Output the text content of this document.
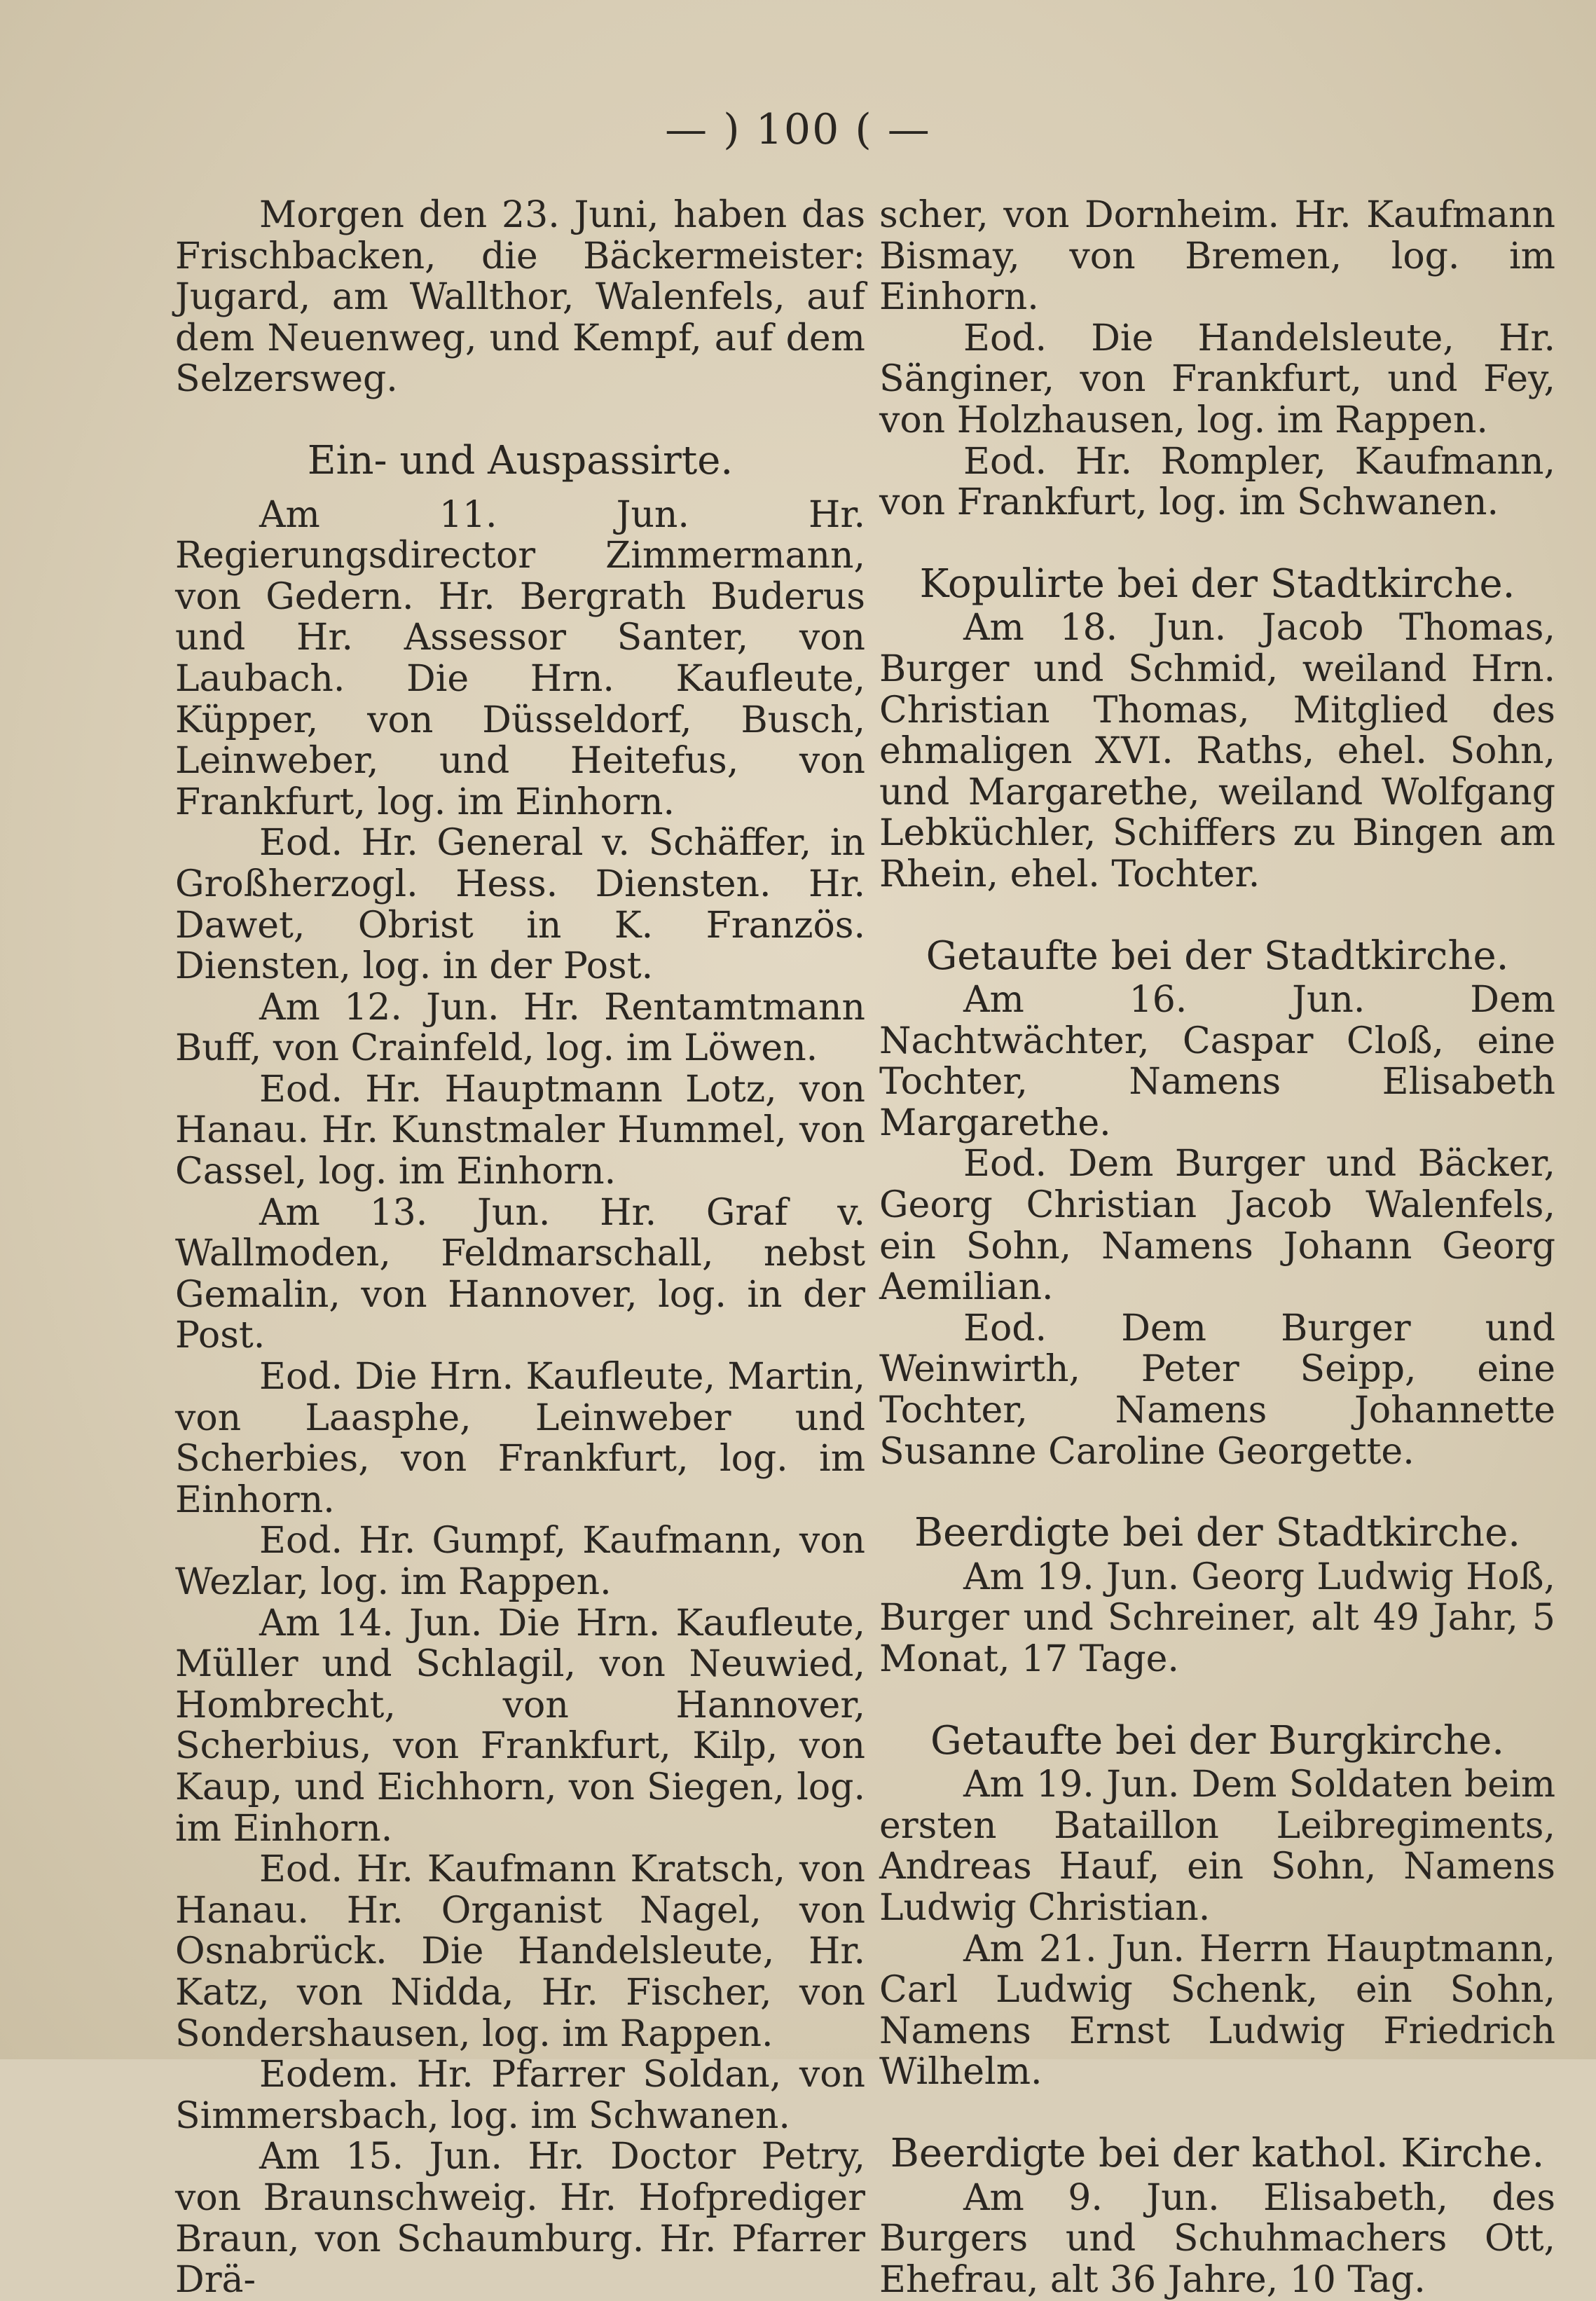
— ) 100 ( —

Morgen den 23. Juni, haben das Frischbacken, die Bäckermeister: Jugard, am Wallthor, Walenfels, auf dem Neuenweg, und Kempf, auf dem Selzersweg.

Ein- und Auspassirte.

Am 11. Jun. Hr. Regierungsdirector Zimmermann, von Gedern. Hr. Bergrath Buderus und Hr. Assessor Santer, von Laubach. Die Hrn. Kaufleute, Küpper, von Düsseldorf, Busch, Leinweber, und Heitefus, von Frankfurt, log. im Einhorn.

Eod. Hr. General v. Schäffer, in Großherzogl. Hess. Diensten. Hr. Dawet, Obrist in K. Französ. Diensten, log. in der Post.

Am 12. Jun. Hr. Rentamtmann Buff, von Crainfeld, log. im Löwen.

Eod. Hr. Hauptmann Lotz, von Hanau. Hr. Kunstmaler Hummel, von Cassel, log. im Einhorn.

Am 13. Jun. Hr. Graf v. Wallmoden, Feldmarschall, nebst Gemalin, von Hannover, log. in der Post.

Eod. Die Hrn. Kaufleute, Martin, von Laasphe, Leinweber und Scherbies, von Frankfurt, log. im Einhorn.

Eod. Hr. Gumpf, Kaufmann, von Wezlar, log. im Rappen.

Am 14. Jun. Die Hrn. Kaufleute, Müller und Schlagil, von Neuwied, Hombrecht, von Hannover, Scherbius, von Frankfurt, Kilp, von Kaup, und Eichhorn, von Siegen, log. im Einhorn.

Eod. Hr. Kaufmann Kratsch, von Hanau. Hr. Organist Nagel, von Osnabrück. Die Handelsleute, Hr. Katz, von Nidda, Hr. Fischer, von Sondershausen, log. im Rappen.

Eodem. Hr. Pfarrer Soldan, von Simmersbach, log. im Schwanen.

Am 15. Jun. Hr. Doctor Petry, von Braunschweig. Hr. Hofprediger Braun, von Schaumburg. Hr. Pfarrer Drä-

scher, von Dornheim. Hr. Kaufmann Bismay, von Bremen, log. im Einhorn.

Eod. Die Handelsleute, Hr. Sänginer, von Frankfurt, und Fey, von Holzhausen, log. im Rappen.

Eod. Hr. Rompler, Kaufmann, von Frankfurt, log. im Schwanen.

Kopulirte bei der Stadtkirche.

Am 18. Jun. Jacob Thomas, Burger und Schmid, weiland Hrn. Christian Thomas, Mitglied des ehmaligen XVI. Raths, ehel. Sohn, und Margarethe, weiland Wolfgang Lebküchler, Schiffers zu Bingen am Rhein, ehel. Tochter.

Getaufte bei der Stadtkirche.

Am 16. Jun. Dem Nachtwächter, Caspar Cloß, eine Tochter, Namens Elisabeth Margarethe.

Eod. Dem Burger und Bäcker, Georg Christian Jacob Walenfels, ein Sohn, Namens Johann Georg Aemilian.

Eod. Dem Burger und Weinwirth, Peter Seipp, eine Tochter, Namens Johannette Susanne Caroline Georgette.

Beerdigte bei der Stadtkirche.

Am 19. Jun. Georg Ludwig Hoß, Burger und Schreiner, alt 49 Jahr, 5 Monat, 17 Tage.

Getaufte bei der Burgkirche.

Am 19. Jun. Dem Soldaten beim ersten Bataillon Leibregiments, Andreas Hauf, ein Sohn, Namens Ludwig Christian.

Am 21. Jun. Herrn Hauptmann, Carl Ludwig Schenk, ein Sohn, Namens Ernst Ludwig Friedrich Wilhelm.

Beerdigte bei der kathol. Kirche.

Am 9. Jun. Elisabeth, des Burgers und Schuhmachers Ott, Ehefrau, alt 36 Jahre, 10 Tag.
